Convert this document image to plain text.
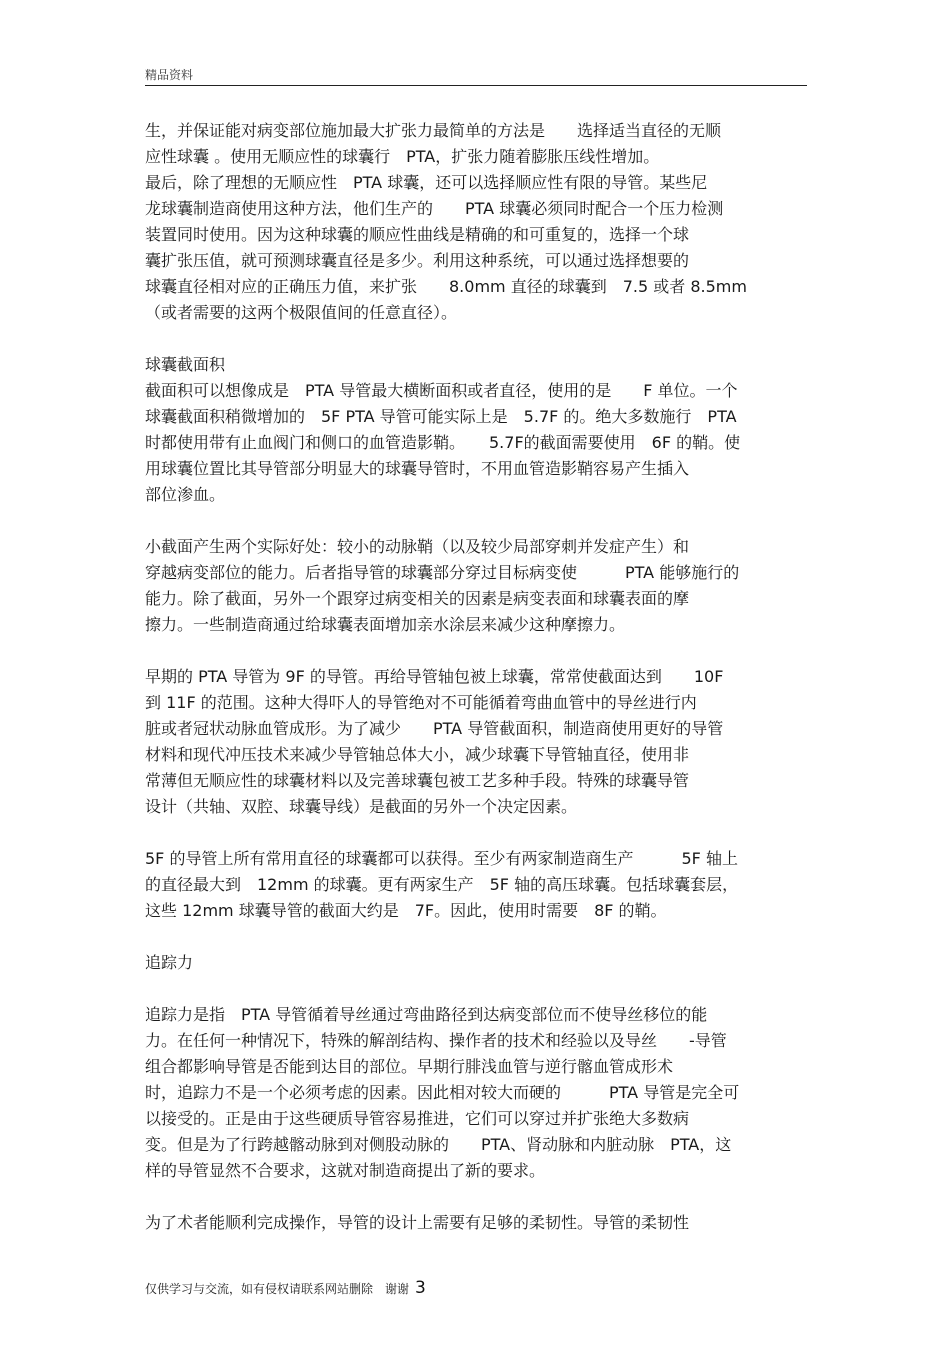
精品资料
生，并保证能对病变部位施加最大扩张力最简单的方法是　　选择适当直径的无顺
应性球囊 。使用无顺应性的球囊行　PTA，扩张力随着膨胀压线性增加。
最后，除了理想的无顺应性　PTA 球囊，还可以选择顺应性有限的导管。某些尼
龙球囊制造商使用这种方法，他们生产的　　PTA 球囊必须同时配合一个压力检测
装置同时使用。因为这种球囊的顺应性曲线是精确的和可重复的，选择一个球
囊扩张压值，就可预测球囊直径是多少。利用这种系统，可以通过选择想要的
球囊直径相对应的正确压力值，来扩张　　8.0mm 直径的球囊到　7.5 或者 8.5mm
（或者需要的这两个极限值间的任意直径）。
球囊截面积
截面积可以想像成是　PTA 导管最大横断面积或者直径，使用的是　　F 单位。一个
球囊截面积稍微增加的　5F PTA 导管可能实际上是　5.7F 的。绝大多数施行　PTA
时都使用带有止血阀门和侧口的血管造影鞘。　　5.7F的截面需要使用　6F 的鞘。使
用球囊位置比其导管部分明显大的球囊导管时，不用血管造影鞘容易产生插入
部位渗血。
小截面产生两个实际好处：较小的动脉鞘（以及较少局部穿刺并发症产生）和
穿越病变部位的能力。后者指导管的球囊部分穿过目标病变使　　　PTA 能够施行的
能力。除了截面，另外一个跟穿过病变相关的因素是病变表面和球囊表面的摩
擦力。一些制造商通过给球囊表面增加亲水涂层来减少这种摩擦力。
早期的 PTA 导管为 9F 的导管。再给导管轴包被上球囊，常常使截面达到　　10F
到 11F 的范围。这种大得吓人的导管绝对不可能循着弯曲血管中的导丝进行内
脏或者冠状动脉血管成形。为了减少　　PTA 导管截面积，制造商使用更好的导管
材料和现代冲压技术来减少导管轴总体大小，减少球囊下导管轴直径，使用非
常薄但无顺应性的球囊材料以及完善球囊包被工艺多种手段。特殊的球囊导管
设计（共轴、双腔、球囊导线）是截面的另外一个决定因素。
5F 的导管上所有常用直径的球囊都可以获得。至少有两家制造商生产　　　5F 轴上
的直径最大到　12mm 的球囊。更有两家生产　5F 轴的高压球囊。包括球囊套层，
这些 12mm 球囊导管的截面大约是　7F。因此，使用时需要　8F 的鞘。
追踪力
追踪力是指　PTA 导管循着导丝通过弯曲路径到达病变部位而不使导丝移位的能
力。在任何一种情况下，特殊的解剖结构、操作者的技术和经验以及导丝　　-导管
组合都影响导管是否能到达目的部位。早期行腓浅血管与逆行髂血管成形术
时，追踪力不是一个必须考虑的因素。因此相对较大而硬的　　　PTA 导管是完全可
以接受的。正是由于这些硬质导管容易推进，它们可以穿过并扩张绝大多数病
变。但是为了行跨越髂动脉到对侧股动脉的　　PTA、肾动脉和内脏动脉　PTA，这
样的导管显然不合要求，这就对制造商提出了新的要求。
为了术者能顺利完成操作，导管的设计上需要有足够的柔韧性。导管的柔韧性
仅供学习与交流，如有侵权请联系网站删除　谢谢 3
